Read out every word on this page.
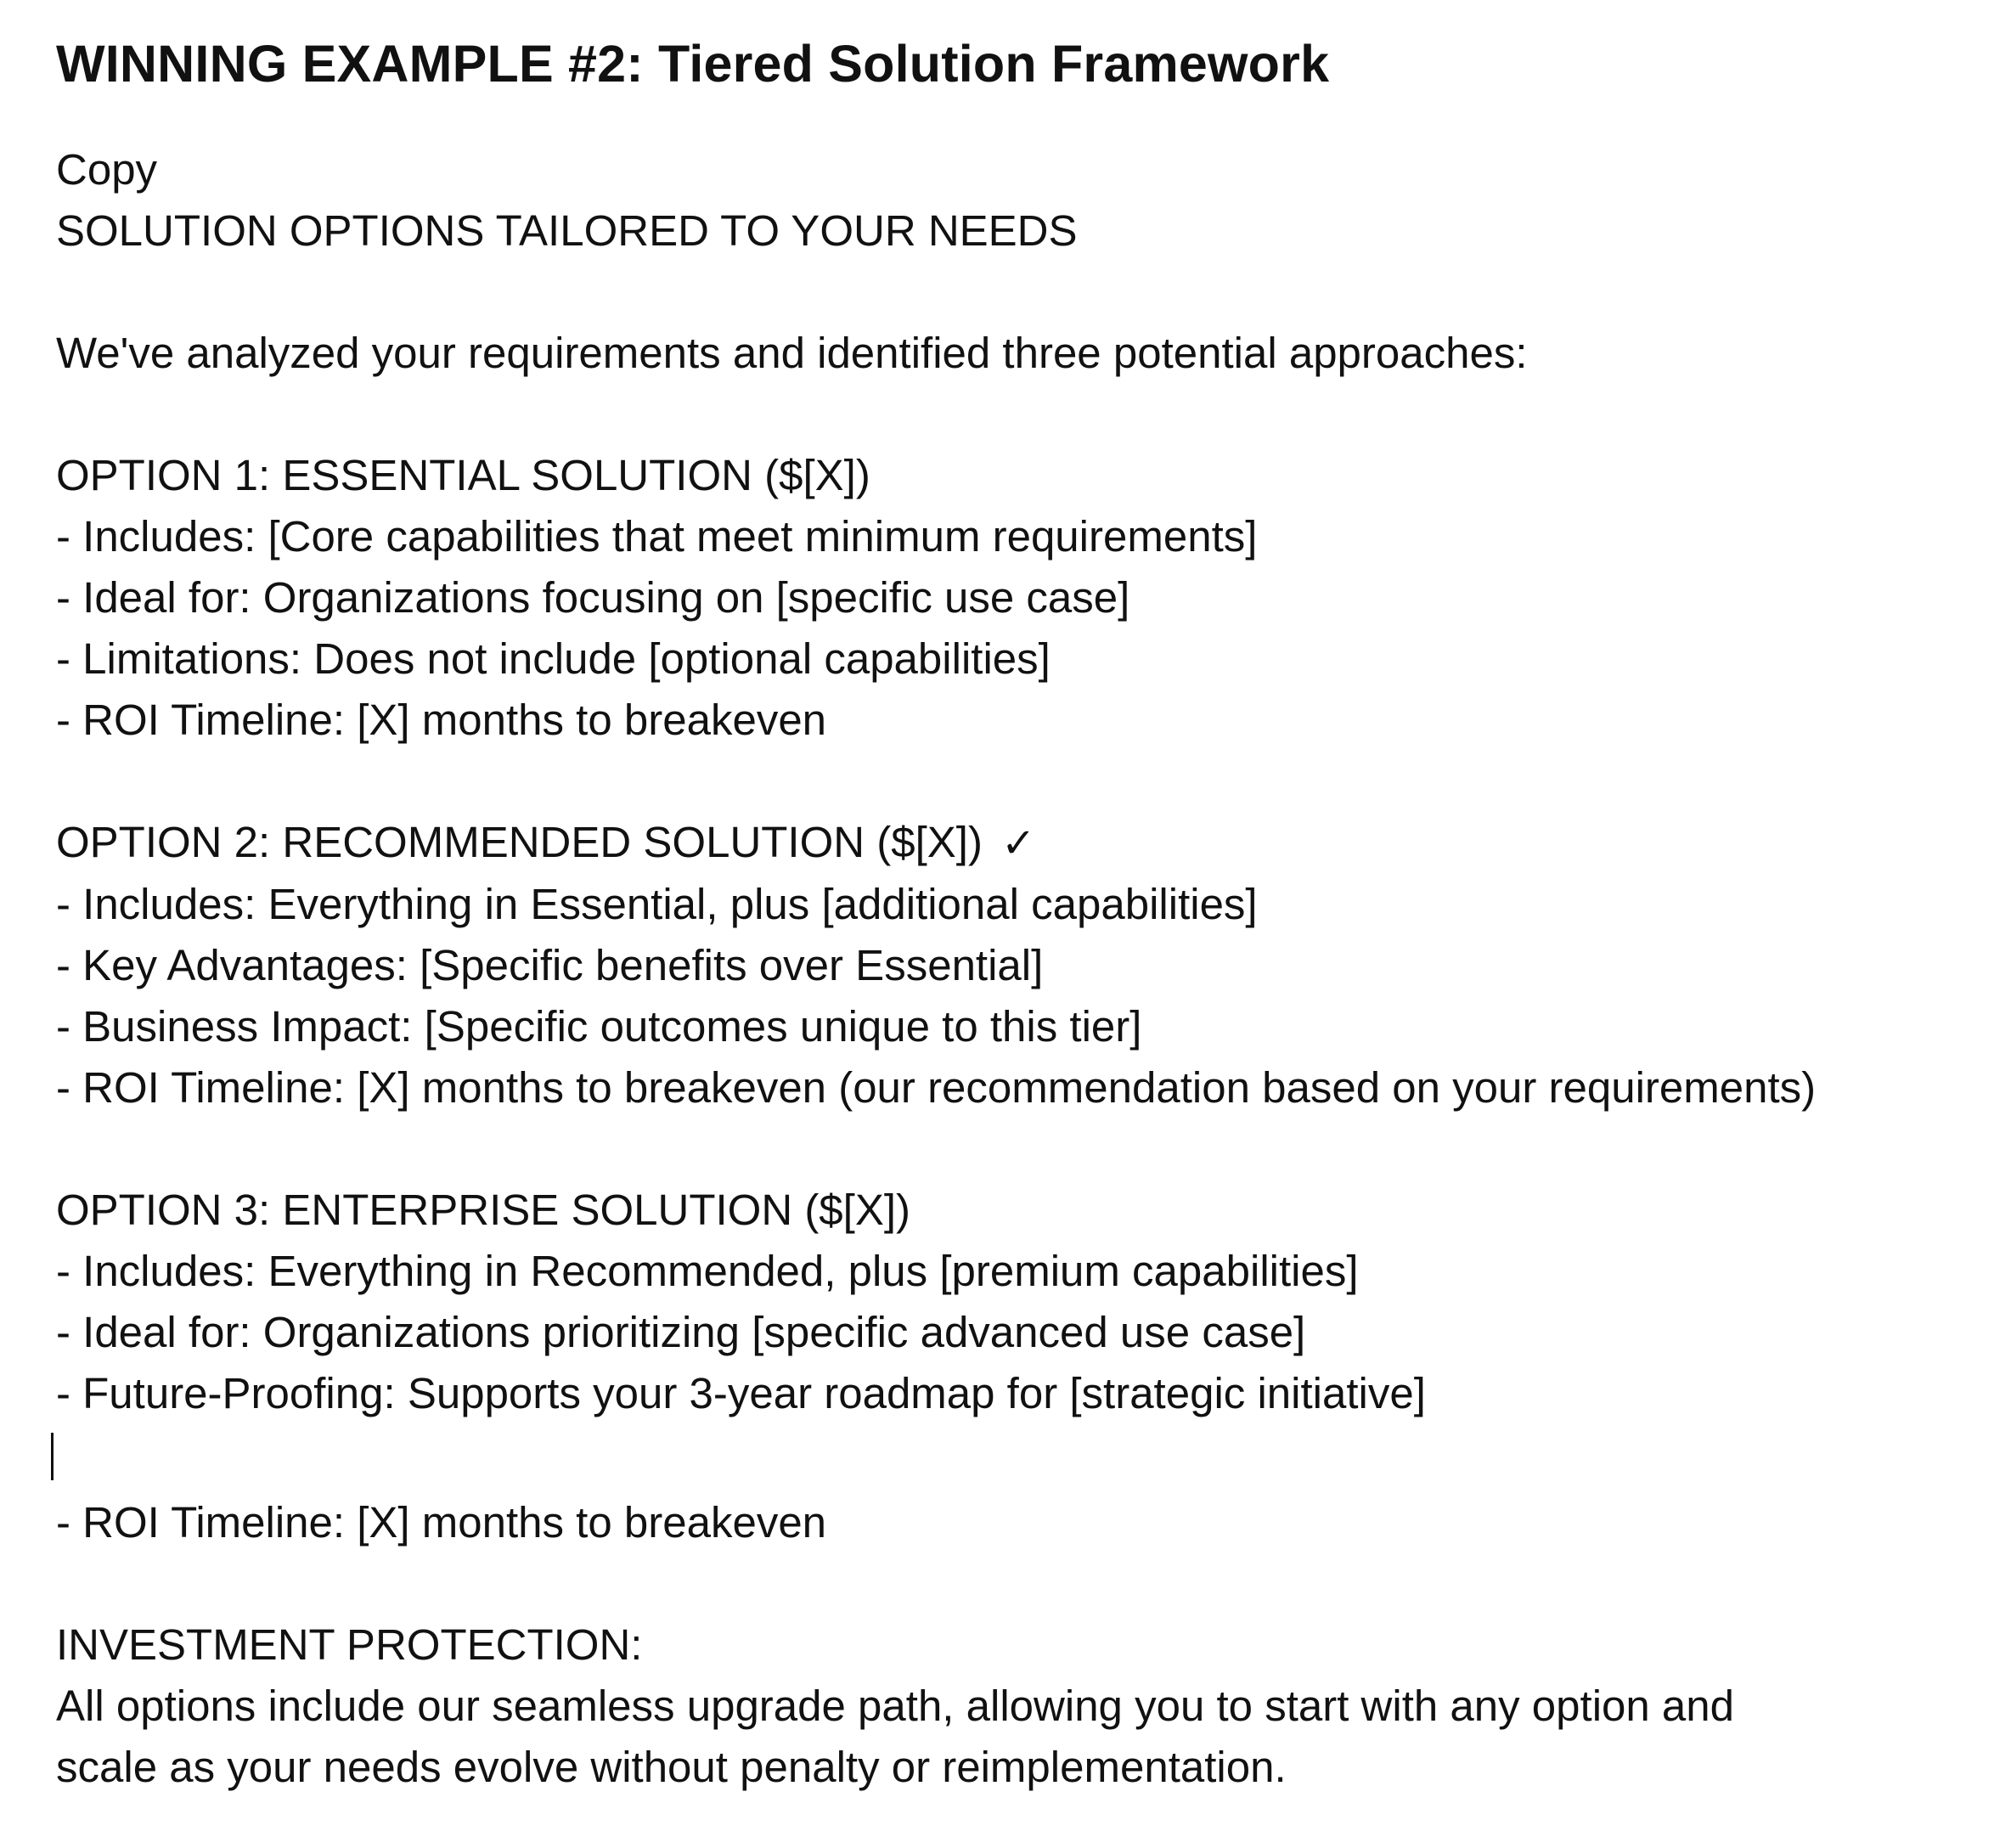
WINNING EXAMPLE #2: Tiered Solution Framework
Copy
SOLUTION OPTIONS TAILORED TO YOUR NEEDS
We've analyzed your requirements and identified three potential approaches:
OPTION 1: ESSENTIAL SOLUTION ($[X])
- Includes: [Core capabilities that meet minimum requirements]
- Ideal for: Organizations focusing on [specific use case]
- Limitations: Does not include [optional capabilities]
- ROI Timeline: [X] months to breakeven
OPTION 2: RECOMMENDED SOLUTION ($[X]) ✓
- Includes: Everything in Essential, plus [additional capabilities]
- Key Advantages: [Specific benefits over Essential]
- Business Impact: [Specific outcomes unique to this tier]
- ROI Timeline: [X] months to breakeven (our recommendation based on your requirements)
OPTION 3: ENTERPRISE SOLUTION ($[X])
- Includes: Everything in Recommended, plus [premium capabilities]
- Ideal for: Organizations prioritizing [specific advanced use case]
- Future-Proofing: Supports your 3-year roadmap for [strategic initiative]
- ROI Timeline: [X] months to breakeven
INVESTMENT PROTECTION:
All options include our seamless upgrade path, allowing you to start with any option and
scale as your needs evolve without penalty or reimplementation.
